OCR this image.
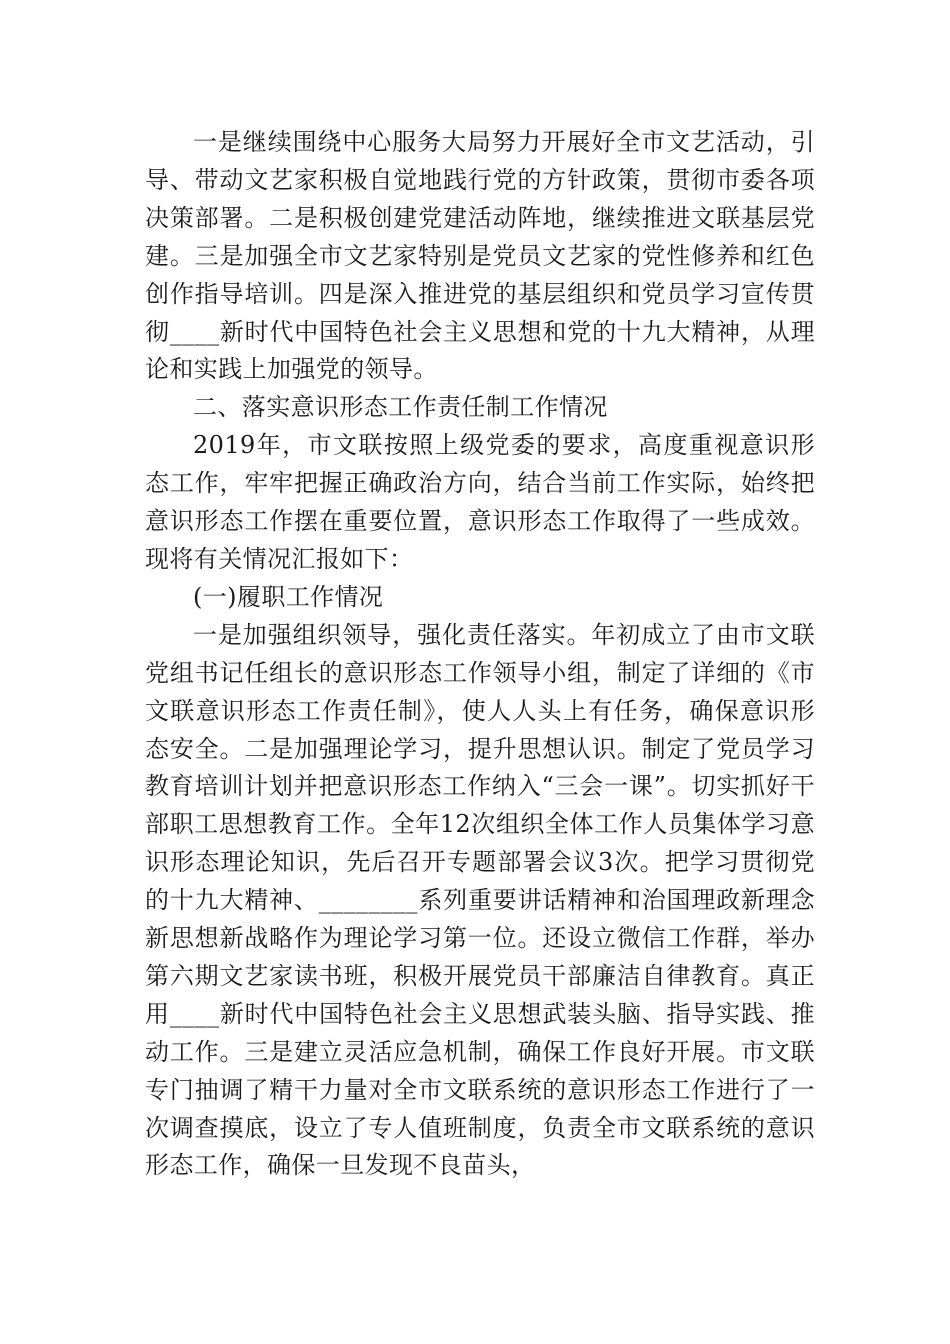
一是继续围绕中心服务大局努力开展好全市文艺活动，引导、带动文艺家积极自觉地践行党的方针政策，贯彻市委各项决策部署。二是积极创建党建活动阵地，继续推进文联基层党建。三是加强全市文艺家特别是党员文艺家的党性修养和红色创作指导培训。四是深入推进党的基层组织和党员学习宣传贯彻____新时代中国特色社会主义思想和党的十九大精神，从理论和实践上加强党的领导。

二、落实意识形态工作责任制工作情况

2019年，市文联按照上级党委的要求，高度重视意识形态工作，牢牢把握正确政治方向，结合当前工作实际，始终把意识形态工作摆在重要位置，意识形态工作取得了一些成效。现将有关情况汇报如下：

(一)履职工作情况

一是加强组织领导，强化责任落实。年初成立了由市文联党组书记任组长的意识形态工作领导小组，制定了详细的《市文联意识形态工作责任制》，使人人头上有任务，确保意识形态安全。二是加强理论学习，提升思想认识。制定了党员学习教育培训计划并把意识形态工作纳入“三会一课”。切实抓好干部职工思想教育工作。全年12次组织全体工作人员集体学习意识形态理论知识，先后召开专题部署会议3次。把学习贯彻党的十九大精神、________系列重要讲话精神和治国理政新理念新思想新战略作为理论学习第一位。还设立微信工作群，举办第六期文艺家读书班，积极开展党员干部廉洁自律教育。真正用____新时代中国特色社会主义思想武装头脑、指导实践、推动工作。三是建立灵活应急机制，确保工作良好开展。市文联专门抽调了精干力量对全市文联系统的意识形态工作进行了一次调查摸底，设立了专人值班制度，负责全市文联系统的意识形态工作，确保一旦发现不良苗头，
